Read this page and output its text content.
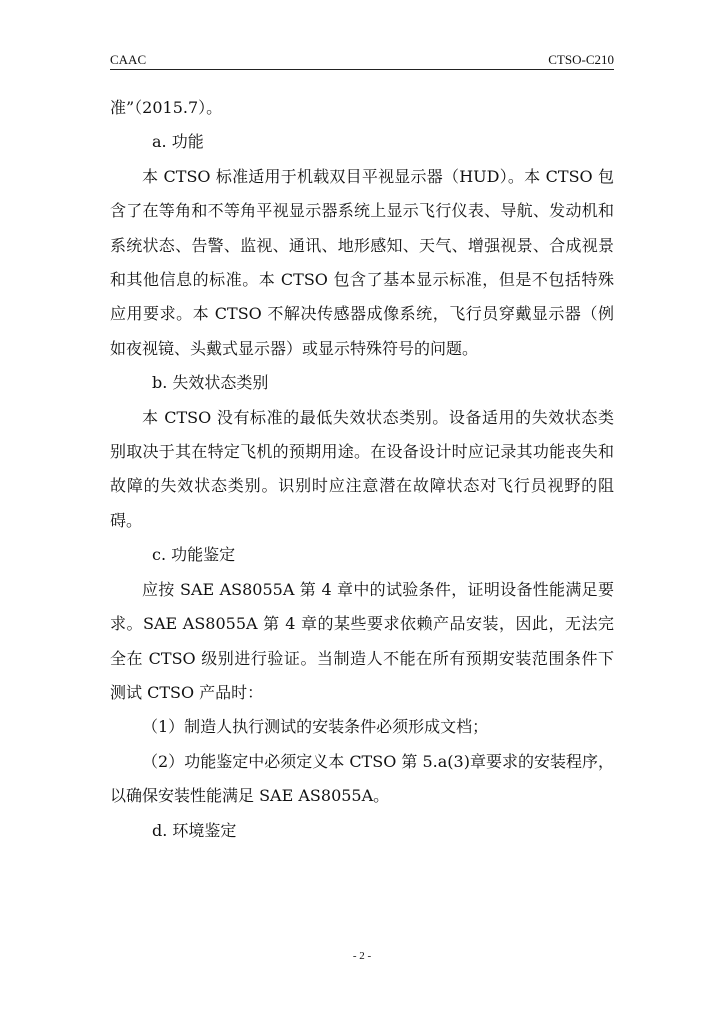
CAAC	CTSO-C210

准”（2015.7）。

a. 功能

本 CTSO 标准适用于机载双目平视显示器（HUD）。本 CTSO 包含了在等角和不等角平视显示器系统上显示飞行仪表、导航、发动机和系统状态、告警、监视、通讯、地形感知、天气、增强视景、合成视景和其他信息的标准。本 CTSO 包含了基本显示标准，但是不包括特殊应用要求。本 CTSO 不解决传感器成像系统，飞行员穿戴显示器（例如夜视镜、头戴式显示器）或显示特殊符号的问题。

b. 失效状态类别

本 CTSO 没有标准的最低失效状态类别。设备适用的失效状态类别取决于其在特定飞机的预期用途。在设备设计时应记录其功能丧失和故障的失效状态类别。识别时应注意潜在故障状态对飞行员视野的阻碍。

c. 功能鉴定

应按 SAE AS8055A 第 4 章中的试验条件，证明设备性能满足要求。SAE AS8055A 第 4 章的某些要求依赖产品安装，因此，无法完全在 CTSO 级别进行验证。当制造人不能在所有预期安装范围条件下测试 CTSO 产品时：

（1）制造人执行测试的安装条件必须形成文档；

（2）功能鉴定中必须定义本 CTSO 第 5.a(3)章要求的安装程序，以确保安装性能满足 SAE AS8055A。

d. 环境鉴定

- 2 -
